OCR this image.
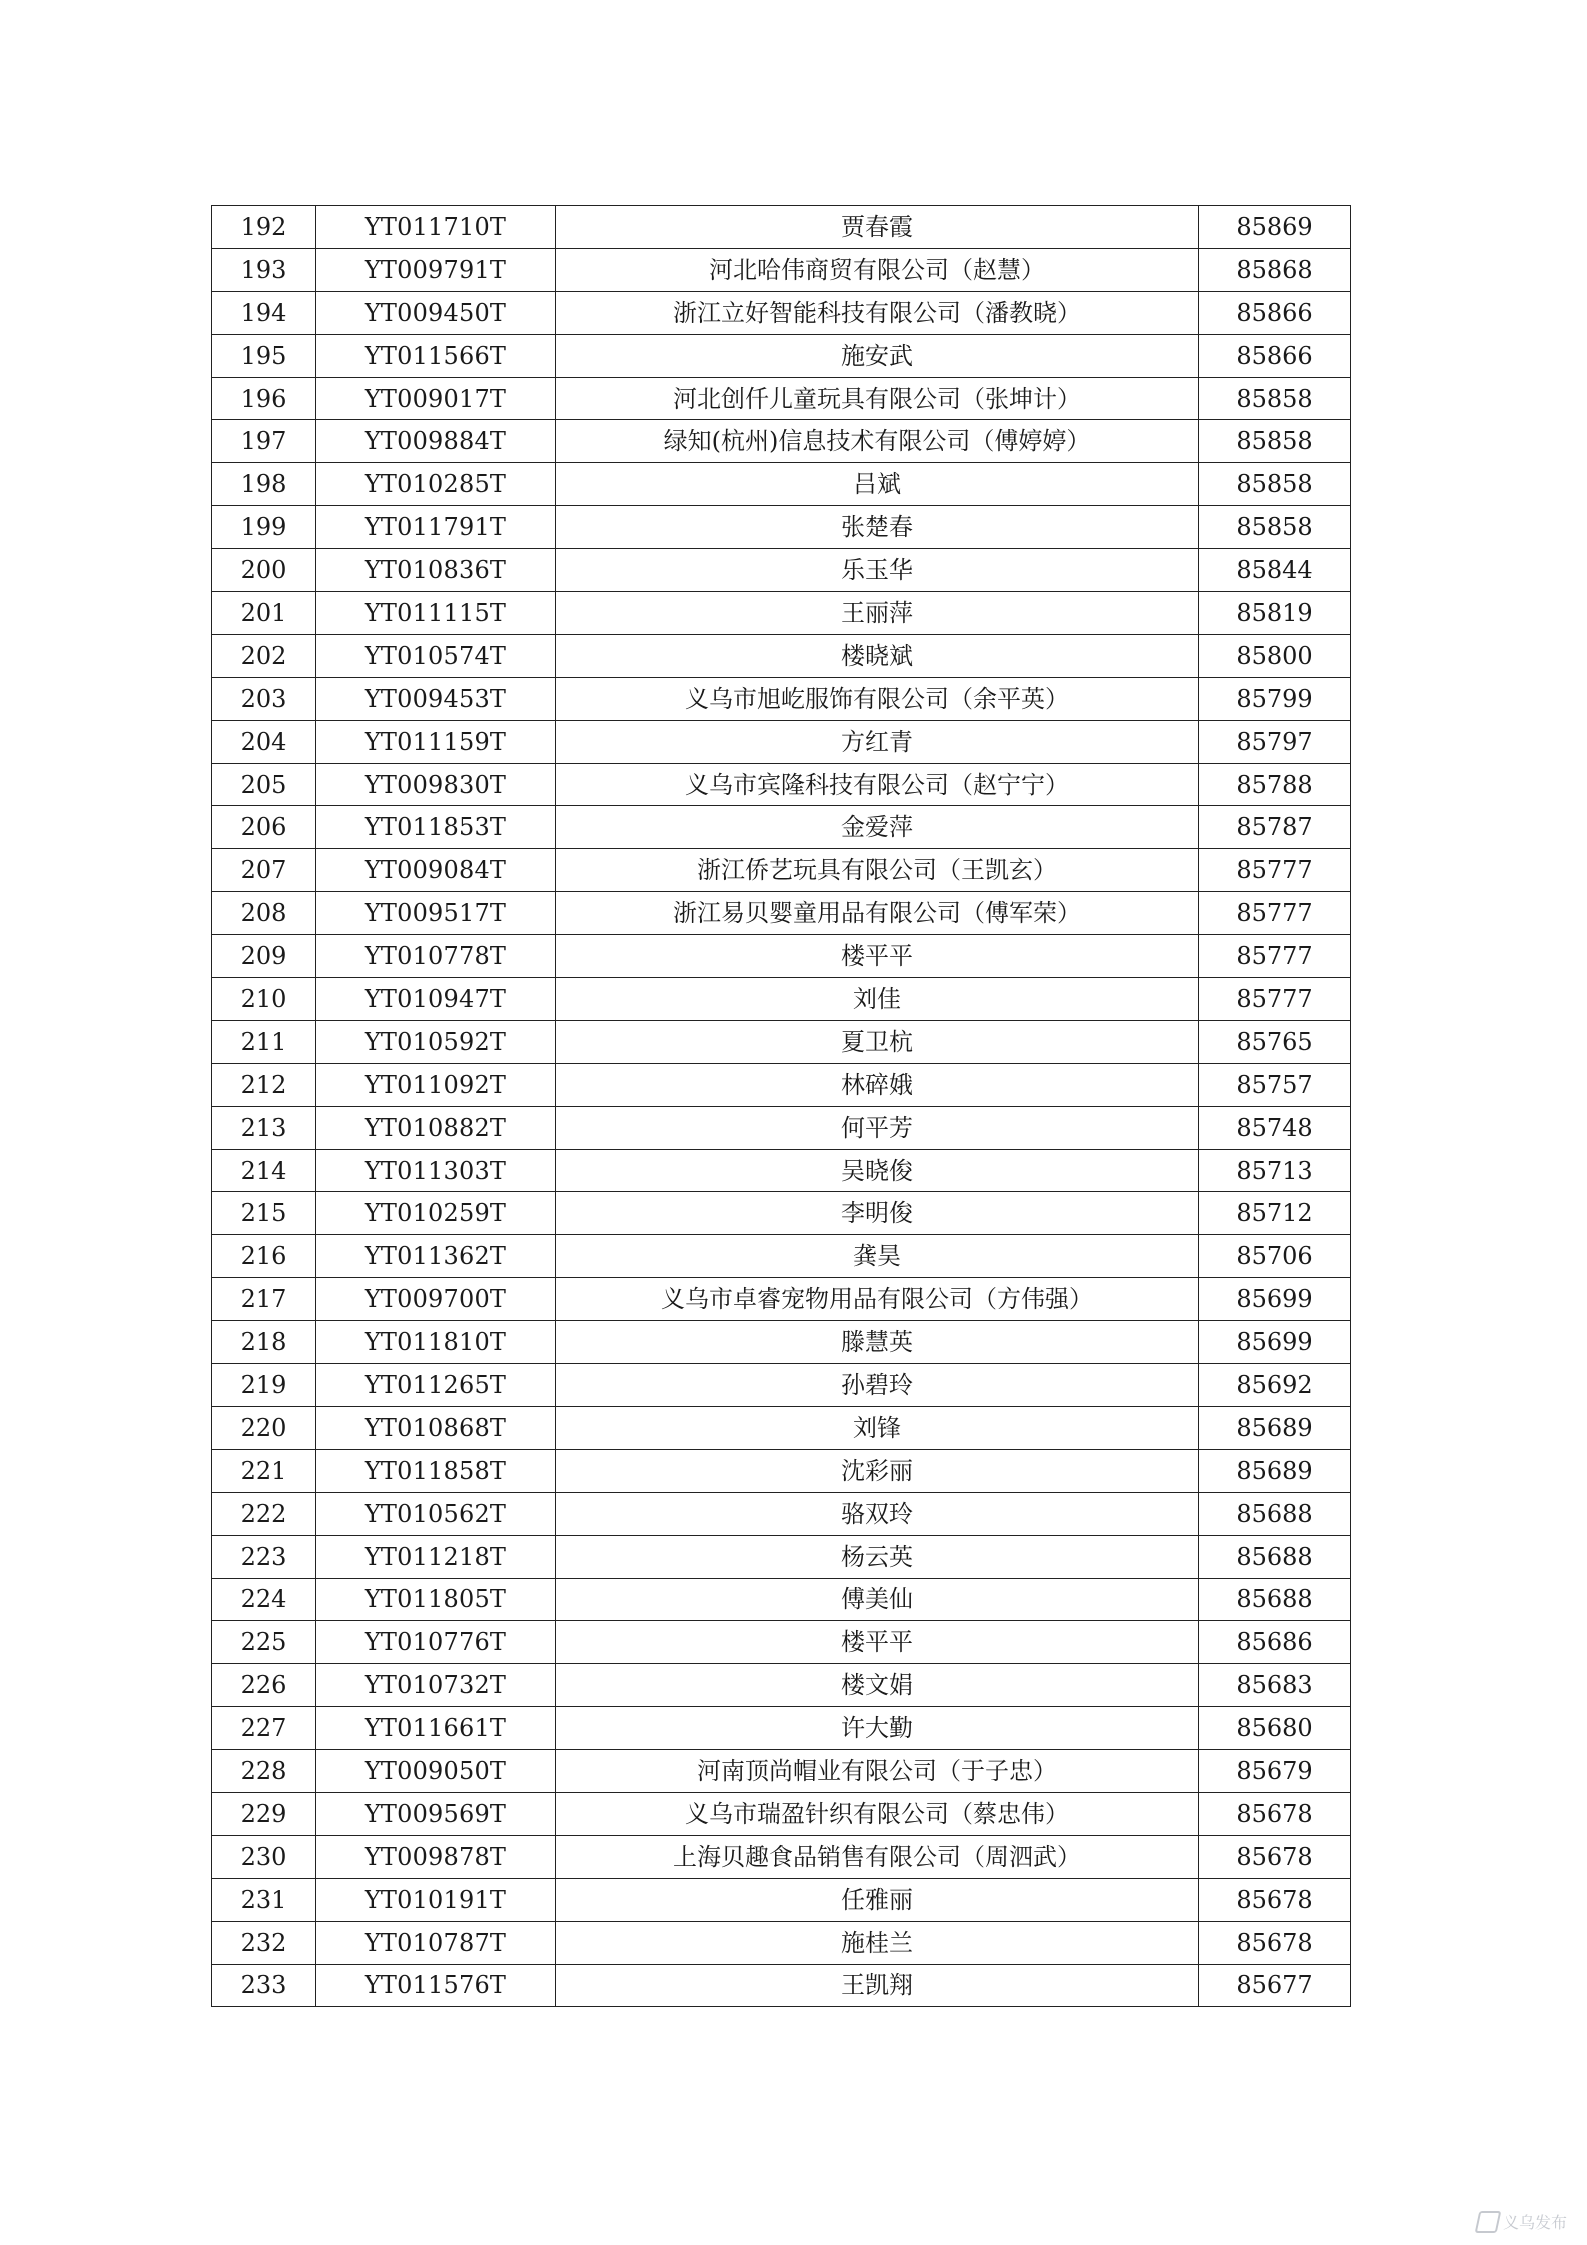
192	YT011710T	贾春霞	85869
193	YT009791T	河北哈伟商贸有限公司（赵慧）	85868
194	YT009450T	浙江立好智能科技有限公司（潘教晓）	85866
195	YT011566T	施安武	85866
196	YT009017T	河北创仟儿童玩具有限公司（张坤计）	85858
197	YT009884T	绿知(杭州)信息技术有限公司（傅婷婷）	85858
198	YT010285T	吕斌	85858
199	YT011791T	张楚春	85858
200	YT010836T	乐玉华	85844
201	YT011115T	王丽萍	85819
202	YT010574T	楼晓斌	85800
203	YT009453T	义乌市旭屹服饰有限公司（余平英）	85799
204	YT011159T	方红青	85797
205	YT009830T	义乌市宾隆科技有限公司（赵宁宁）	85788
206	YT011853T	金爱萍	85787
207	YT009084T	浙江侨艺玩具有限公司（王凯玄）	85777
208	YT009517T	浙江易贝婴童用品有限公司（傅军荣）	85777
209	YT010778T	楼平平	85777
210	YT010947T	刘佳	85777
211	YT010592T	夏卫杭	85765
212	YT011092T	林碎娥	85757
213	YT010882T	何平芳	85748
214	YT011303T	吴晓俊	85713
215	YT010259T	李明俊	85712
216	YT011362T	龚昊	85706
217	YT009700T	义乌市卓睿宠物用品有限公司（方伟强）	85699
218	YT011810T	滕慧英	85699
219	YT011265T	孙碧玲	85692
220	YT010868T	刘锋	85689
221	YT011858T	沈彩丽	85689
222	YT010562T	骆双玲	85688
223	YT011218T	杨云英	85688
224	YT011805T	傅美仙	85688
225	YT010776T	楼平平	85686
226	YT010732T	楼文娟	85683
227	YT011661T	许大勤	85680
228	YT009050T	河南顶尚帽业有限公司（于子忠）	85679
229	YT009569T	义乌市瑞盈针织有限公司（蔡忠伟）	85678
230	YT009878T	上海贝趣食品销售有限公司（周泗武）	85678
231	YT010191T	任雅丽	85678
232	YT010787T	施桂兰	85678
233	YT011576T	王凯翔	85677
义乌发布
